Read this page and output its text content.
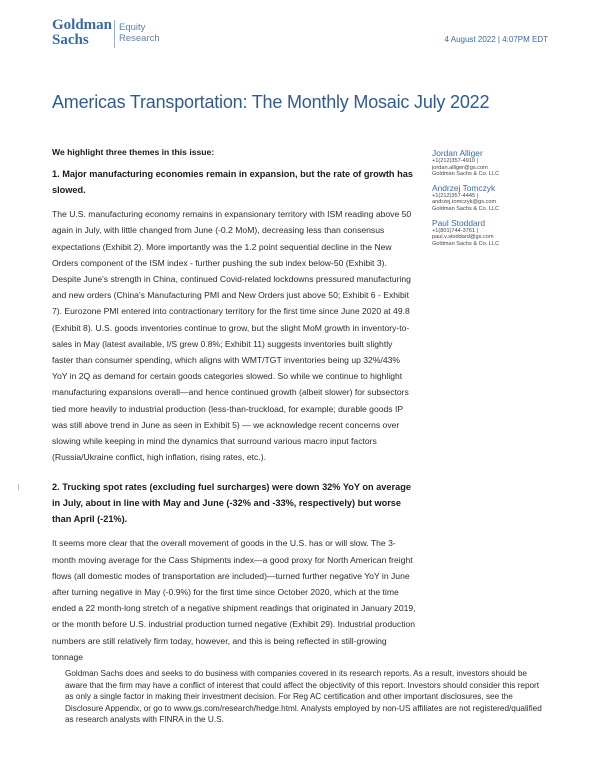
Goldman
Sachs
Equity
Research	4 August 2022 | 4:07PM EDT
Americas Transportation: The Monthly Mosaic July 2022

We highlight three themes in this issue:

1. Major manufacturing economies remain in expansion, but the rate of growth has slowed.

The U.S. manufacturing economy remains in expansionary territory with ISM reading above 50 again in July, with little changed from June (-0.2 MoM), decreasing less than consensus expectations (Exhibit 2). More importantly was the 1.2 point sequential decline in the New Orders component of the ISM index - further pushing the sub index below-50 (Exhibit 3). Despite June's strength in China, continued Covid-related lockdowns pressured manufacturing and new orders (China's Manufacturing PMI and New Orders just above 50; Exhibit 6 - Exhibit 7). Eurozone PMI entered into contractionary territory for the first time since June 2020 at 49.8 (Exhibit 8). U.S. goods inventories continue to grow, but the slight MoM growth in inventory-to-sales in May (latest available, I/S grew 0.8%; Exhibit 11) suggests inventories built slightly faster than consumer spending, which aligns with WMT/TGT inventories being up 32%/43% YoY in 2Q as demand for certain goods categories slowed. So while we continue to highlight manufacturing expansions overall—and hence continued growth (albeit slower) for subsectors tied more heavily to industrial production (less-than-truckload, for example; durable goods IP was still above trend in June as seen in Exhibit 5) — we acknowledge recent concerns over slowing while keeping in mind the dynamics that surround various macro input factors (Russia/Ukraine conflict, high inflation, rising rates, etc.).

2. Trucking spot rates (excluding fuel surcharges) were down 32% YoY on average in July, about in line with May and June (-32% and -33%, respectively) but worse than April (-21%).

It seems more clear that the overall movement of goods in the U.S. has or will slow. The 3-month moving average for the Cass Shipments index—a good proxy for North American freight flows (all domestic modes of transportation are included)—turned further negative YoY in June after turning negative in May (-0.9%) for the first time since October 2020, which at the time ended a 22 month-long stretch of a negative shipment readings that originated in January 2019, or the month before U.S. industrial production turned negative (Exhibit 29). Industrial production numbers are still relatively firm today, however, and this is being reflected in still-growing tonnage

Jordan Alliger
+1(212)357-4910 |
jordan.alliger@gs.com
Goldman Sachs & Co. LLC
Andrzej Tomczyk
+1(212)357-4445 |
andrzej.tomczyk@gs.com
Goldman Sachs & Co. LLC
Paul Stoddard
+1(801)744-3761 |
paul.v.stoddard@gs.com
Goldman Sachs & Co. LLC
Goldman Sachs does and seeks to do business with companies covered in its research reports. As a result, investors should be aware that the firm may have a conflict of interest that could affect the objectivity of this report. Investors should consider this report as only a single factor in making their investment decision. For Reg AC certification and other important disclosures, see the Disclosure Appendix, or go to www.gs.com/research/hedge.html. Analysts employed by non-US affiliates are not registered/qualified as research analysts with FINRA in the U.S.
